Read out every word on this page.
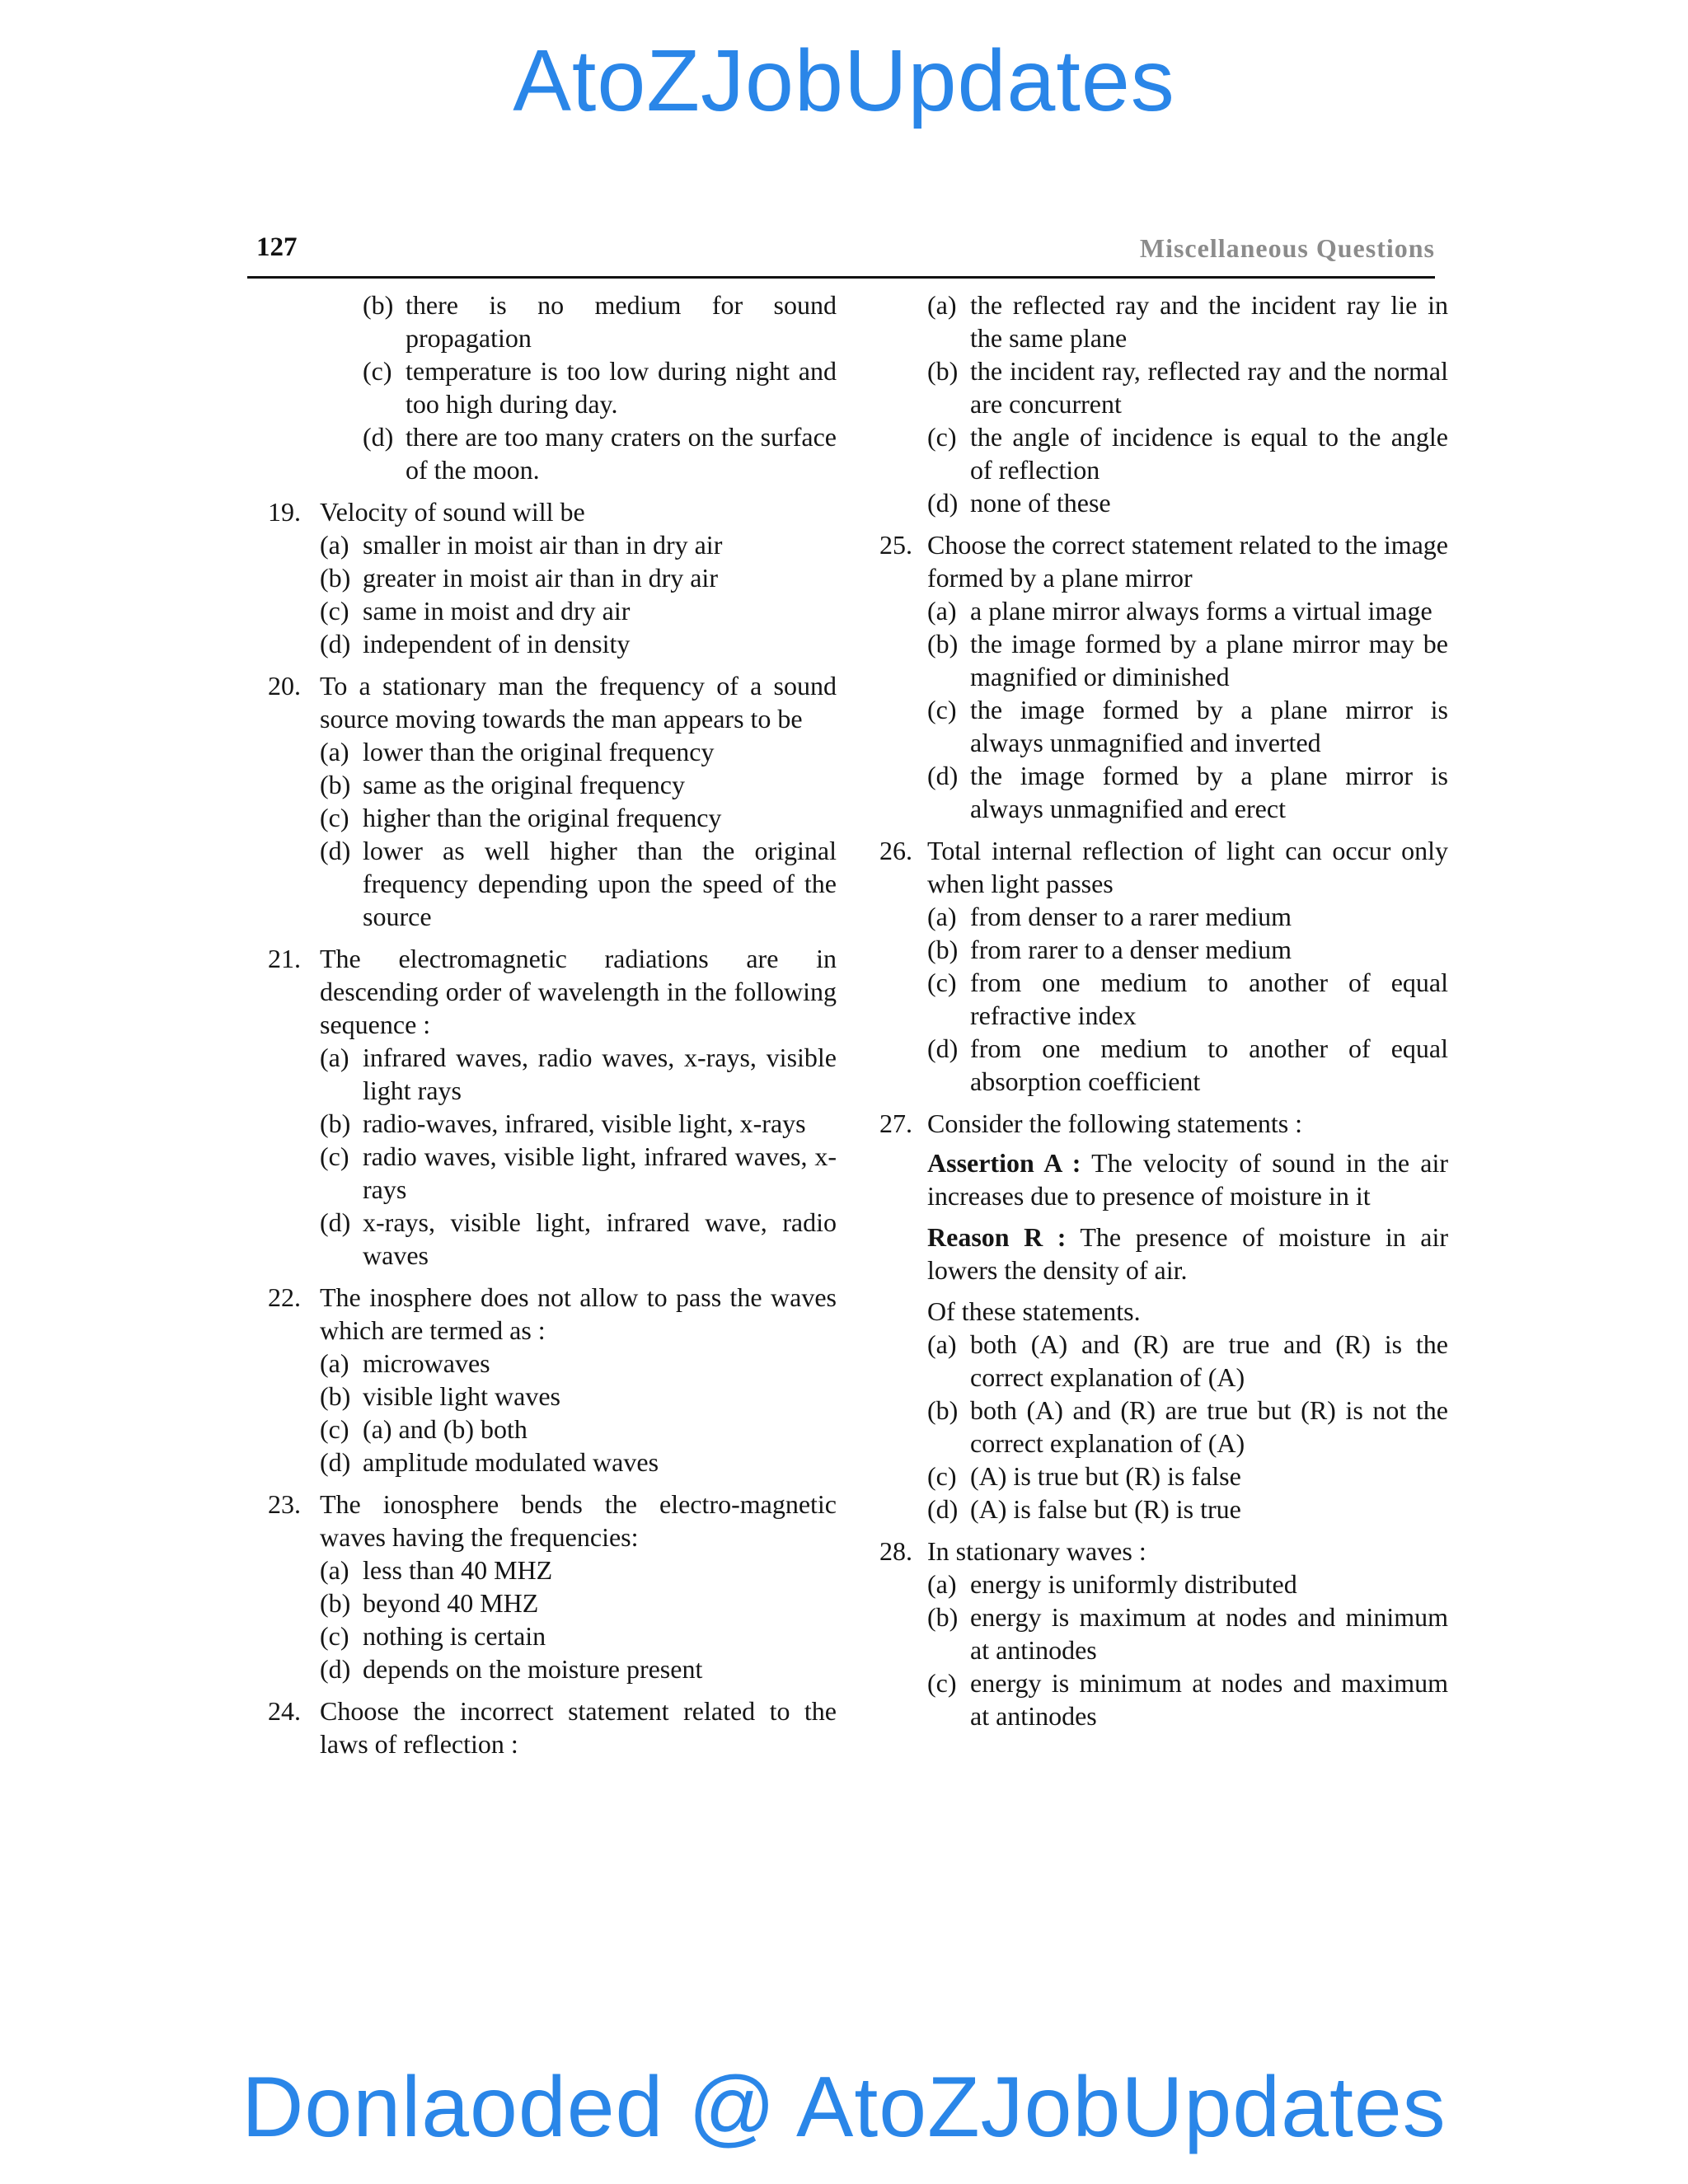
AtoZJobUpdates
127	Miscellaneous Questions
(b) there is no medium for sound propagation
(c) temperature is too low during night and too high during day.
(d) there are too many craters on the surface of the moon.
19. Velocity of sound will be
(a) smaller in moist air than in dry air
(b) greater in moist air than in dry air
(c) same in moist and dry air
(d) independent of in density
20. To a stationary man the frequency of a sound source moving towards the man appears to be
(a) lower than the original frequency
(b) same as the original frequency
(c) higher than the original frequency
(d) lower as well higher than the original frequency depending upon the speed of the source
21. The electromagnetic radiations are in descending order of wavelength in the following sequence :
(a) infrared waves, radio waves, x-rays, visible light rays
(b) radio-waves, infrared, visible light, x-rays
(c) radio waves, visible light, infrared waves, x-rays
(d) x-rays, visible light, infrared wave, radio waves
22. The inosphere does not allow to pass the waves which are termed as :
(a) microwaves
(b) visible light waves
(c) (a) and (b) both
(d) amplitude modulated waves
23. The ionosphere bends the electro-magnetic waves having the frequencies:
(a) less than 40 MHZ
(b) beyond 40 MHZ
(c) nothing is certain
(d) depends on the moisture present
24. Choose the incorrect statement related to the laws of reflection :
(a) the reflected ray and the incident ray lie in the same plane
(b) the incident ray, reflected ray and the normal are concurrent
(c) the angle of incidence is equal to the angle of reflection
(d) none of these
25. Choose the correct statement related to the image formed by a plane mirror
(a) a plane mirror always forms a virtual image
(b) the image formed by a plane mirror may be magnified or diminished
(c) the image formed by a plane mirror is always unmagnified and inverted
(d) the image formed by a plane mirror is always unmagnified and erect
26. Total internal reflection of light can occur only when light passes
(a) from denser to a rarer medium
(b) from rarer to a denser medium
(c) from one medium to another of equal refractive index
(d) from one medium to another of equal absorption coefficient
27. Consider the following statements :
Assertion A : The velocity of sound in the air increases due to presence of moisture in it
Reason R : The presence of moisture in air lowers the density of air.
Of these statements.
(a) both (A) and (R) are true and (R) is the correct explanation of (A)
(b) both (A) and (R) are true but (R) is not the correct explanation of (A)
(c) (A) is true but (R) is false
(d) (A) is false but (R) is true
28. In stationary waves :
(a) energy is uniformly distributed
(b) energy is maximum at nodes and minimum at antinodes
(c) energy is minimum at nodes and maximum at antinodes
Donlaoded @ AtoZJobUpdates
